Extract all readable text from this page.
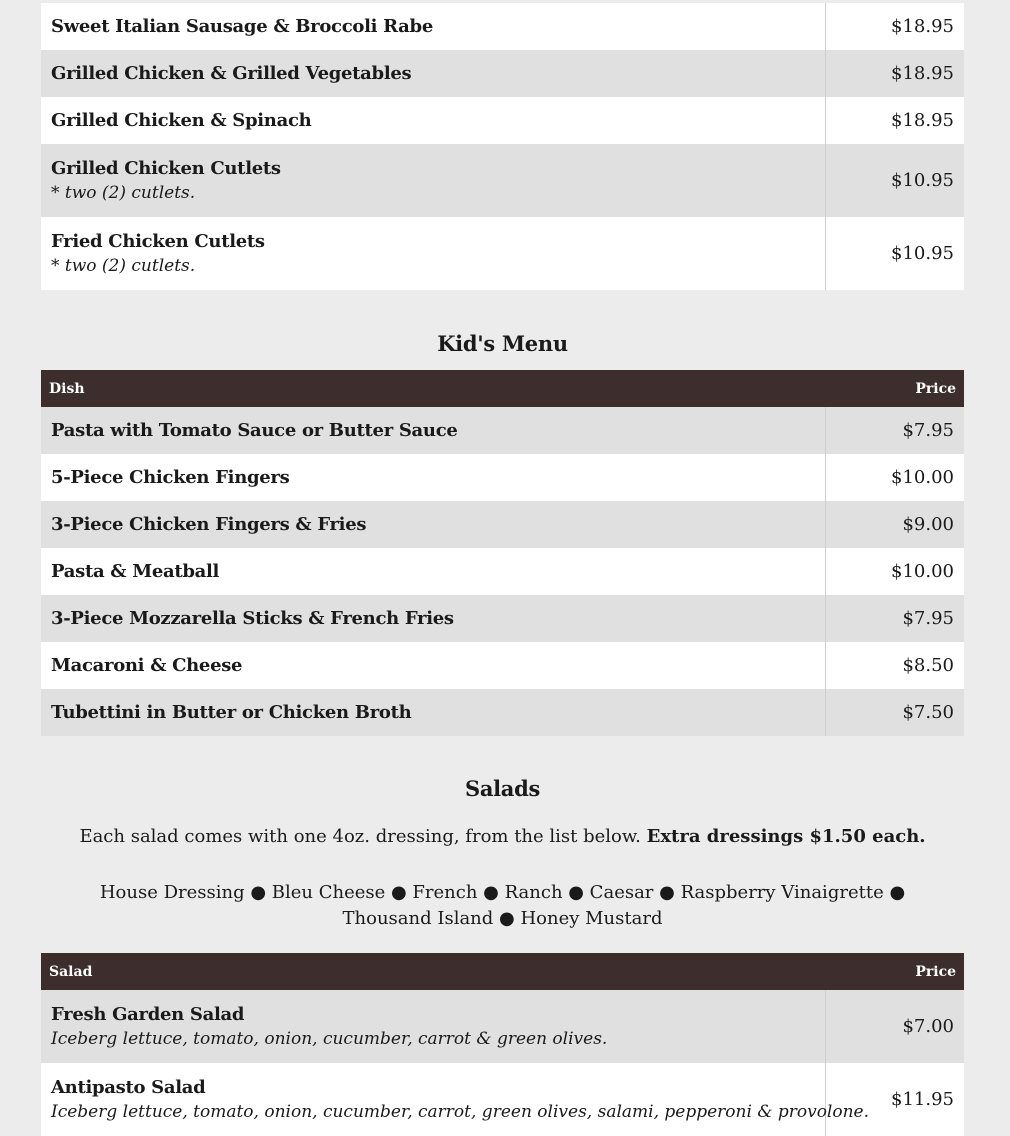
Sweet Italian Sausage & Broccoli Rabe	$18.95

Grilled Chicken & Grilled Vegetables	$18.95

Grilled Chicken & Spinach	$18.95

Grilled Chicken Cutlets
* two (2) cutlets.	$10.95

Fried Chicken Cutlets
* two (2) cutlets.	$10.95
Kid's Menu
Dish	Price

Pasta with Tomato Sauce or Butter Sauce	$7.95

5-Piece Chicken Fingers	$10.00

3-Piece Chicken Fingers & Fries	$9.00

Pasta & Meatball	$10.00

3-Piece Mozzarella Sticks & French Fries	$7.95

Macaroni & Cheese	$8.50

Tubettini in Butter or Chicken Broth	$7.50
Salads
Each salad comes with one 4oz. dressing, from the list below. Extra dressings $1.50 each.
House Dressing ● Bleu Cheese ● French ● Ranch ● Caesar ● Raspberry Vinaigrette ● Thousand Island ● Honey Mustard
Salad	Price

Fresh Garden Salad
Iceberg lettuce, tomato, onion, cucumber, carrot & green olives.	$7.00

Antipasto Salad
Iceberg lettuce, tomato, onion, cucumber, carrot, green olives, salami, pepperoni & provolone.	$11.95
